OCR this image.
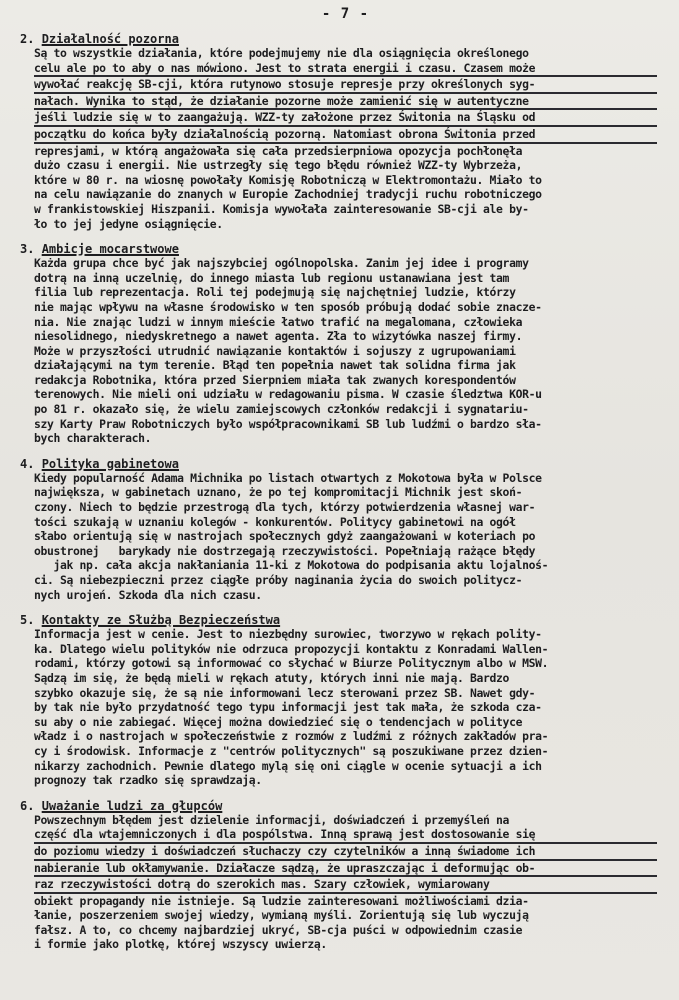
- 7 -
2. Działalność pozorna
Są to wszystkie działania, które podejmujemy nie dla osiągnięcia określonego
celu ale po to aby o nas mówiono. Jest to strata energii i czasu. Czasem może
wywołać reakcję SB-cji, która rutynowo stosuje represje przy określonych syg-
nałach. Wynika to stąd, że działanie pozorne może zamienić się w autentyczne
jeśli ludzie się w to zaangażują. WZZ-ty założone przez Świtonia na Śląsku od
początku do końca były działalnością pozorną. Natomiast obrona Świtonia przed
represjami, w którą angażowała się cała przedsierpniowa opozycja pochłonęła
dużo czasu i energii. Nie ustrzegły się tego błędu również WZZ-ty Wybrzeża,
które w 80 r. na wiosnę powołały Komisję Robotniczą w Elektromontażu. Miało to
na celu nawiązanie do znanych w Europie Zachodniej tradycji ruchu robotniczego
w frankistowskiej Hiszpanii. Komisja wywołała zainteresowanie SB-cji ale by-
ło to jej jedyne osiągnięcie.
3. Ambicje mocarstwowe
Każda grupa chce być jak najszybciej ogólnopolska. Zanim jej idee i programy
dotrą na inną uczelnię, do innego miasta lub regionu ustanawiana jest tam
filia lub reprezentacja. Roli tej podejmują się najchętniej ludzie, którzy
nie mając wpływu na własne środowisko w ten sposób próbują dodać sobie znacze-
nia. Nie znając ludzi w innym mieście łatwo trafić na megalomana, człowieka
niesolidnego, niedyskretnego a nawet agenta. Zła to wizytówka naszej firmy.
Może w przyszłości utrudnić nawiązanie kontaktów i sojuszy z ugrupowaniami
działającymi na tym terenie. Błąd ten popełnia nawet tak solidna firma jak
redakcja Robotnika, która przed Sierpniem miała tak zwanych korespondentów
terenowych. Nie mieli oni udziału w redagowaniu pisma. W czasie śledztwa KOR-u
po 81 r. okazało się, że wielu zamiejscowych członków redakcji i sygnatariu-
szy Karty Praw Robotniczych było współpracownikami SB lub ludźmi o bardzo sła-
bych charakterach.
4. Polityka gabinetowa
Kiedy popularność Adama Michnika po listach otwartych z Mokotowa była w Polsce
największa, w gabinetach uznano, że po tej kompromitacji Michnik jest skoń-
czony. Niech to będzie przestrogą dla tych, którzy potwierdzenia własnej war-
tości szukają w uznaniu kolegów - konkurentów. Politycy gabinetowi na ogół
słabo orientują się w nastrojach społecznych gdyż zaangażowani w koteriach po
obustronej   barykady nie dostrzegają rzeczywistości. Popełniają rażące błędy
jak np. cała akcja nakłaniania 11-ki z Mokotowa do podpisania aktu lojalnoś-
ci. Są niebezpieczni przez ciągłe próby naginania życia do swoich politycz-
nych urojeń. Szkoda dla nich czasu.
5. Kontakty ze Służbą Bezpieczeństwa
Informacja jest w cenie. Jest to niezbędny surowiec, tworzywo w rękach polity-
ka. Dlatego wielu polityków nie odrzuca propozycji kontaktu z Konradami Wallen-
rodami, którzy gotowi są informować co słychać w Biurze Politycznym albo w MSW.
Sądzą im się, że będą mieli w rękach atuty, których inni nie mają. Bardzo
szybko okazuje się, że są nie informowani lecz sterowani przez SB. Nawet gdy-
by tak nie było przydatność tego typu informacji jest tak mała, że szkoda cza-
su aby o nie zabiegać. Więcej można dowiedzieć się o tendencjach w polityce
władz i o nastrojach w społeczeństwie z rozmów z ludźmi z różnych zakładów pra-
cy i środowisk. Informacje z "centrów politycznych" są poszukiwane przez dzien-
nikarzy zachodnich. Pewnie dlatego mylą się oni ciągle w ocenie sytuacji a ich
prognozy tak rzadko się sprawdzają.
6. Uważanie ludzi za głupców
Powszechnym błędem jest dzielenie informacji, doświadczeń i przemyśleń na
część dla wtajemniczonych i dla pospólstwa. Inną sprawą jest dostosowanie się
do poziomu wiedzy i doświadczeń słuchaczy czy czytelników a inną świadome ich
nabieranie lub okłamywanie. Działacze sądzą, że upraszczając i deformując ob-
raz rzeczywistości dotrą do szerokich mas. Szary człowiek, wymiarowany
obiekt propagandy nie istnieje. Są ludzie zainteresowani możliwościami dzia-
łanie, poszerzeniem swojej wiedzy, wymianą myśli. Zorientują się lub wyczują
fałsz. A to, co chcemy najbardziej ukryć, SB-cja puści w odpowiednim czasie
i formie jako plotkę, której wszyscy uwierzą.
